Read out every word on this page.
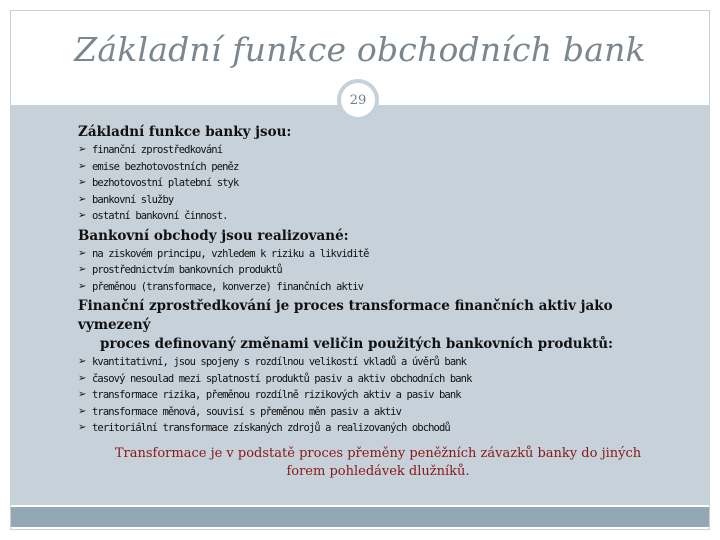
Základní funkce obchodních bank
29

Základní funkce banky jsou:

➢ finanční zprostředkování
➢ emise bezhotovostních peněz
➢ bezhotovostní platební styk
➢ bankovní služby
➢ ostatní bankovní činnost.

Bankovní obchody jsou realizované:

➢ na ziskovém principu, vzhledem k riziku a likviditě
➢ prostřednictvím bankovních produktů
➢ přeměnou (transformace, konverze) finančních aktiv

Finanční zprostředkování je proces transformace finančních aktiv jako vymezený
proces definovaný změnami veličin použitých bankovních produktů:

➢ kvantitativní, jsou spojeny s rozdílnou velikostí vkladů a úvěrů bank
➢ časový nesoulad mezi splatností produktů pasiv a aktiv obchodních bank
➢ transformace rizika, přeměnou rozdílně rizikových aktiv a pasiv bank
➢ transformace měnová, souvisí s přeměnou měn pasiv a aktiv
➢ teritoriální transformace získaných zdrojů a realizovaných obchodů
Transformace je v podstatě proces přeměny peněžních závazků banky do jiných
forem pohledávek dlužníků.
